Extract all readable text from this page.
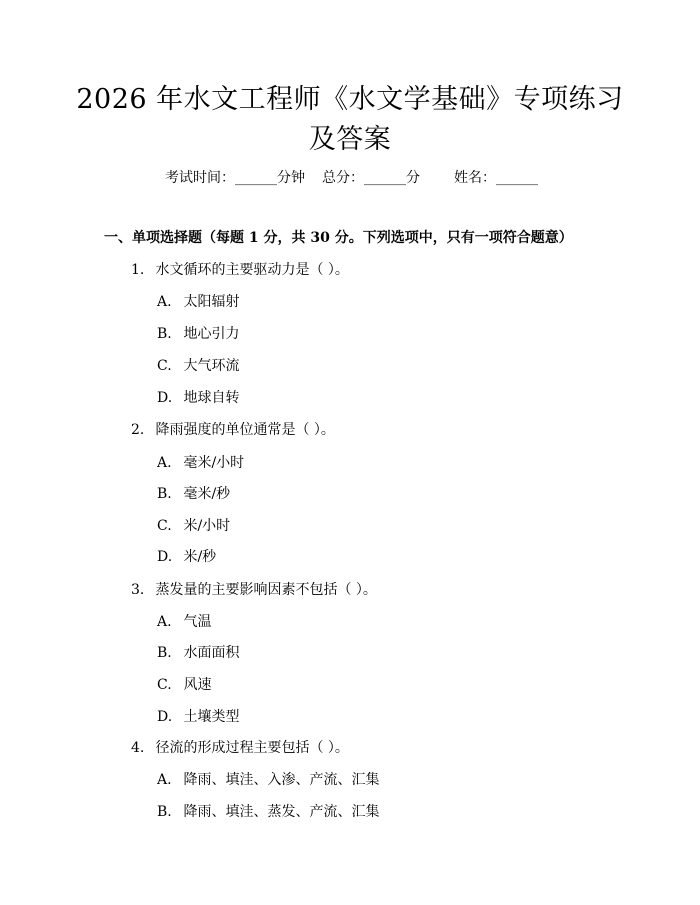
2026 年水文工程师《水文学基础》专项练习
及答案
考试时间：______分钟 总分：______分 姓名：______
一、单项选择题（每题 1 分，共 30 分。下列选项中，只有一项符合题意）
1. 水文循环的主要驱动力是（ ）。
A. 太阳辐射
B. 地心引力
C. 大气环流
D. 地球自转
2. 降雨强度的单位通常是（ ）。
A. 毫米/小时
B. 毫米/秒
C. 米/小时
D. 米/秒
3. 蒸发量的主要影响因素不包括（ ）。
A. 气温
B. 水面面积
C. 风速
D. 土壤类型
4. 径流的形成过程主要包括（ ）。
A. 降雨、填洼、入渗、产流、汇集
B. 降雨、填洼、蒸发、产流、汇集
